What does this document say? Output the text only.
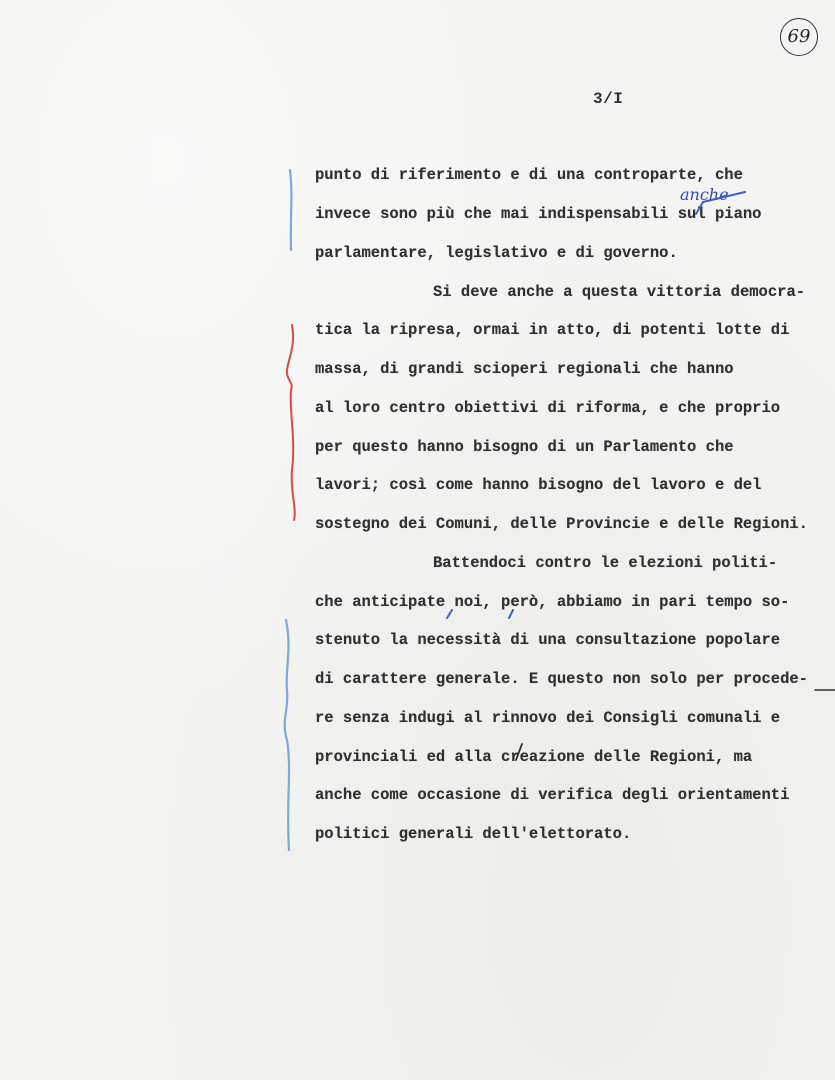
69
3/I
anche
punto di riferimento e di una controparte, che
invece sono più che mai indispensabili sul piano
parlamentare, legislativo e di governo.
Si deve anche a questa vittoria democra-
tica la ripresa, ormai in atto, di potenti lotte di
massa, di grandi scioperi regionali che hanno
al loro centro obiettivi di riforma, e che proprio
per questo hanno bisogno di un Parlamento che
lavori; così come hanno bisogno del lavoro e del
sostegno dei Comuni, delle Provincie e delle Regioni.
Battendoci contro le elezioni politi-
che anticipate noi, però, abbiamo in pari tempo so-
stenuto la necessità di una consultazione popolare
di carattere generale. E questo non solo per procede-
re senza indugi al rinnovo dei Consigli comunali e
provinciali ed alla creazione delle Regioni, ma
anche come occasione di verifica degli orientamenti
politici generali dell'elettorato.
